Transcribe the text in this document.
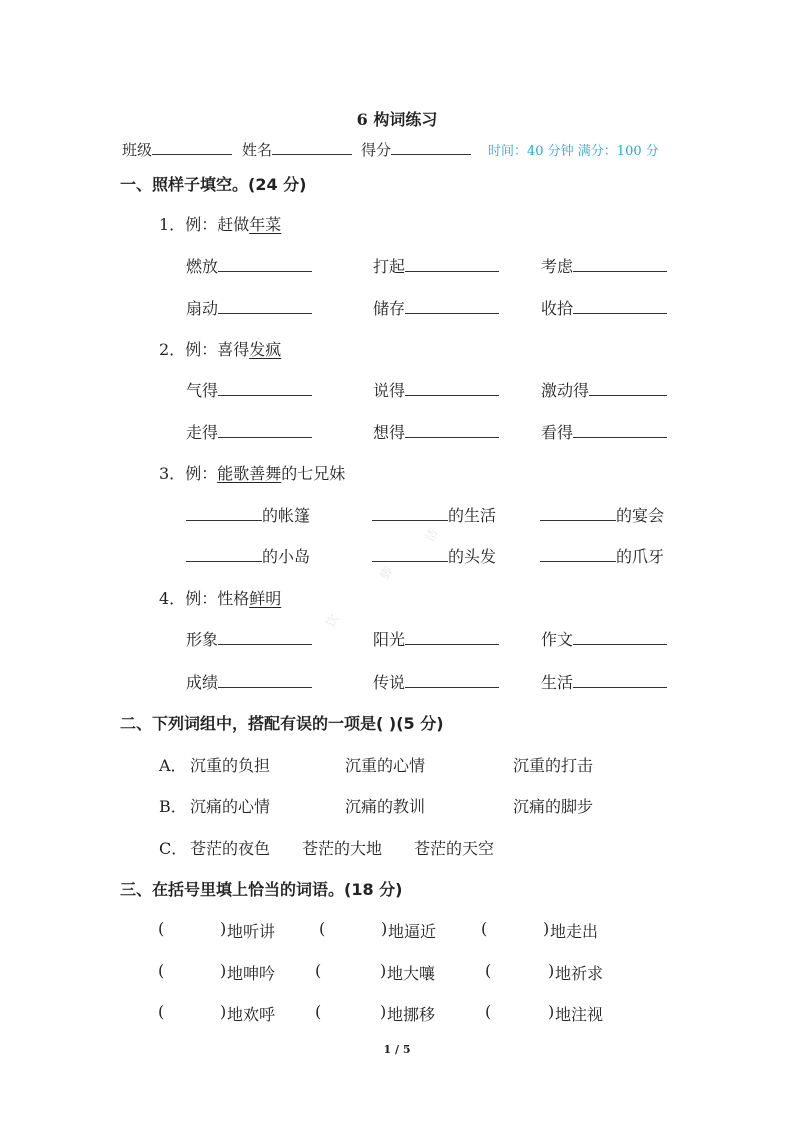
6 构词练习
班级	姓名	得分	时间：40 分钟 满分：100 分
一、照样子填空。(24 分)
1．例：赶做年菜
燃放	打起	考虑
扇动	储存	收拾
2．例：喜得发疯
气得	说得	激动得
走得	想得	看得
3．例：能歌善舞的七兄妹
的帐篷	的生活	的宴会
的小岛	的头发	的爪牙
4．例：性格鲜明
形象	阳光	作文
成绩	传说	生活
二、下列词组中，搭配有误的一项是( )(5 分)
A． 沉重的负担	沉重的心情	沉重的打击
B． 沉痛的心情	沉痛的教训	沉痛的脚步
C． 苍茫的夜色 苍茫的大地 苍茫的天空
三、在括号里填上恰当的词语。(18 分)
(	) 地听讲	(	) 地逼近	(	) 地走出
(	) 地呻吟 (	) 地大嚷	(	) 地祈求
(	) 地欢呼 (	) 地挪移	(	) 地注视
饮
脚
洁
1 / 5
